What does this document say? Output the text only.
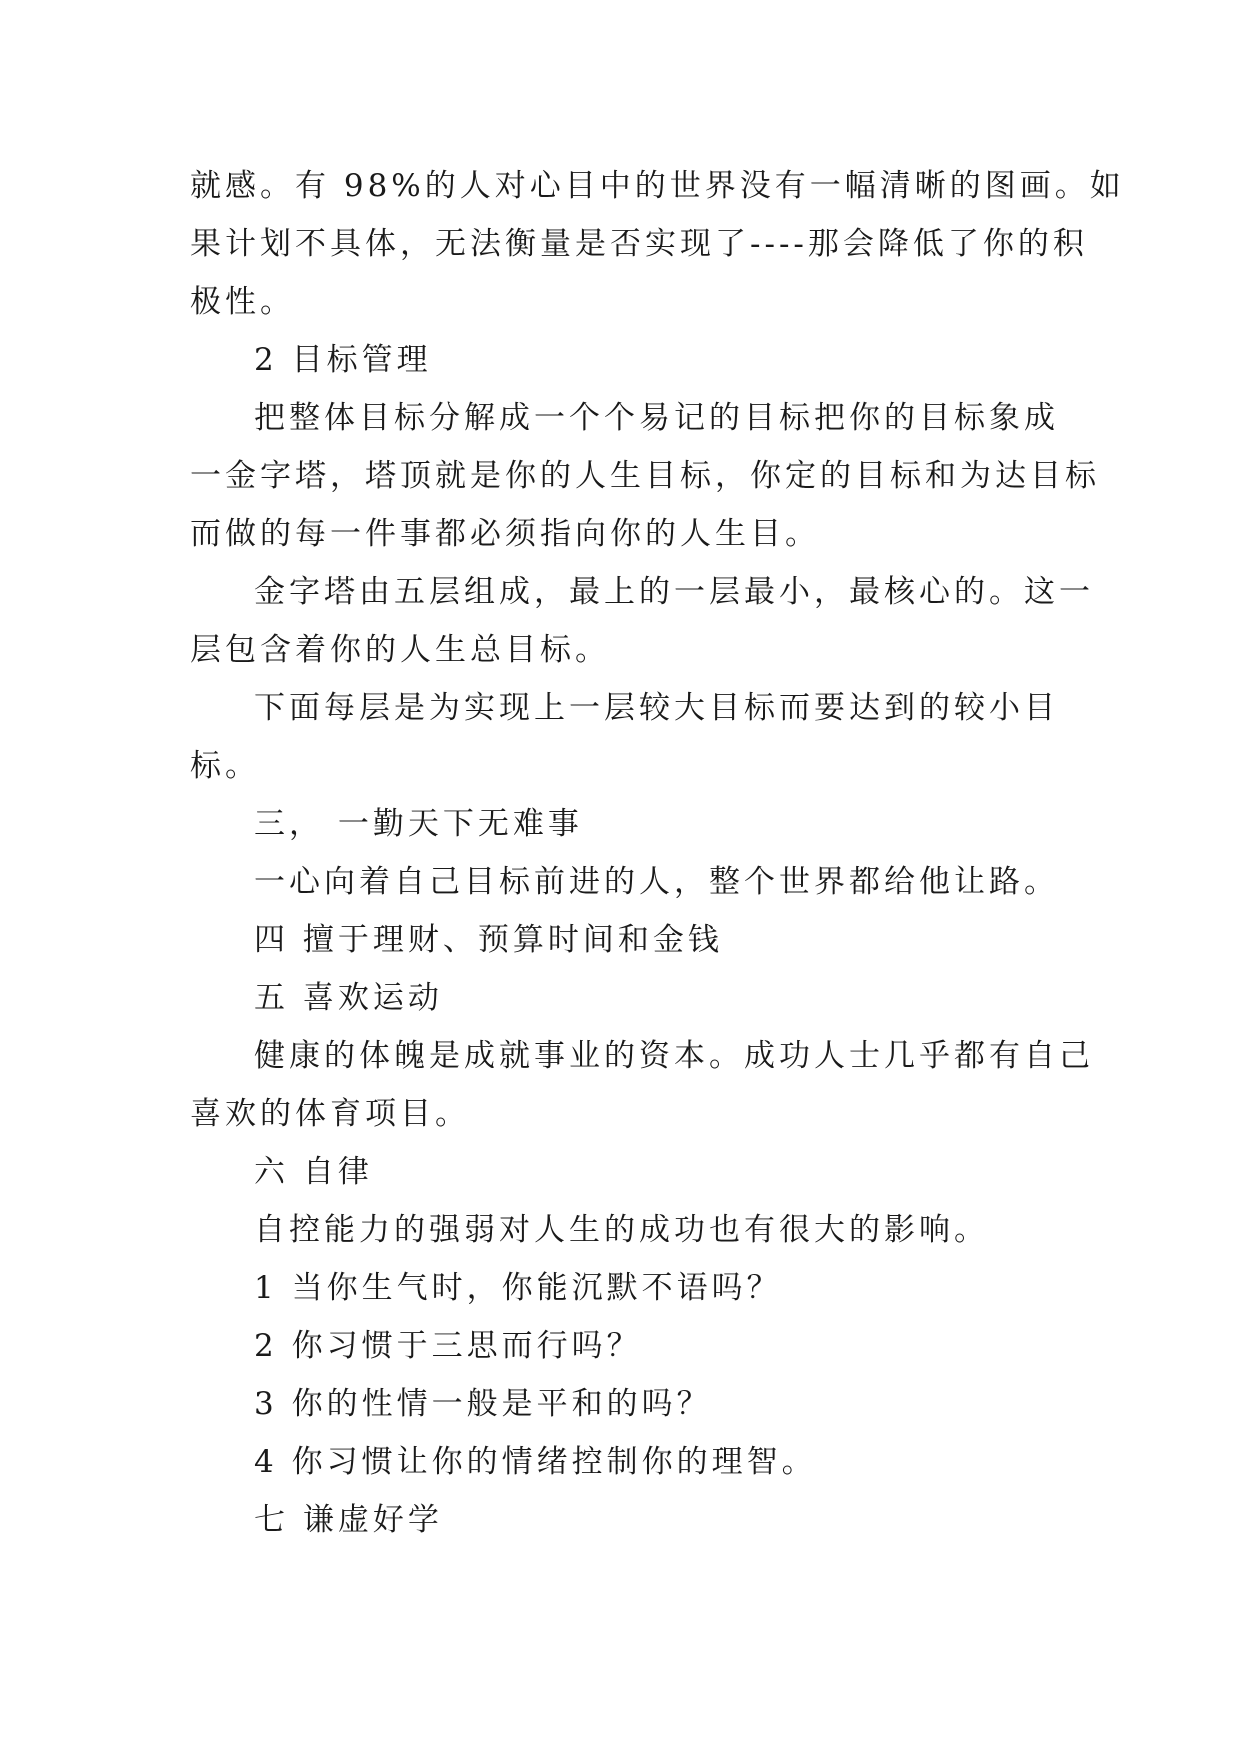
就感。有 98%的人对心目中的世界没有一幅清晰的图画。如
果计划不具体，无法衡量是否实现了----那会降低了你的积
极性。
2 目标管理
把整体目标分解成一个个易记的目标把你的目标象成
一金字塔，塔顶就是你的人生目标，你定的目标和为达目标
而做的每一件事都必须指向你的人生目。
金字塔由五层组成，最上的一层最小，最核心的。这一
层包含着你的人生总目标。
下面每层是为实现上一层较大目标而要达到的较小目
标。
三， 一勤天下无难事
一心向着自己目标前进的人，整个世界都给他让路。
四 擅于理财、预算时间和金钱
五 喜欢运动
健康的体魄是成就事业的资本。成功人士几乎都有自己
喜欢的体育项目。
六 自律
自控能力的强弱对人生的成功也有很大的影响。
1 当你生气时，你能沉默不语吗？
2 你习惯于三思而行吗？
3 你的性情一般是平和的吗？
4 你习惯让你的情绪控制你的理智。
七 谦虚好学
